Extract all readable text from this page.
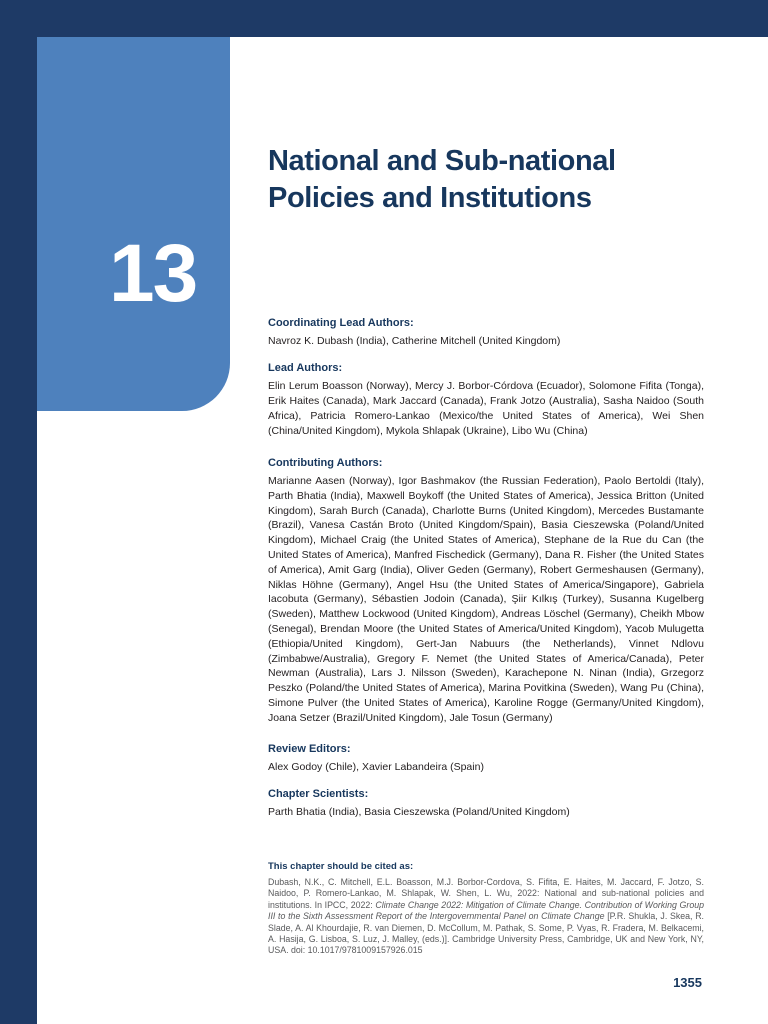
13
National and Sub-national
Policies and Institutions
Coordinating Lead Authors:

Navroz K. Dubash (India), Catherine Mitchell (United Kingdom)

Lead Authors:

Elin Lerum Boasson (Norway), Mercy J. Borbor-Córdova (Ecuador), Solomone Fifita (Tonga), Erik Haites (Canada), Mark Jaccard (Canada), Frank Jotzo (Australia), Sasha Naidoo (South Africa), Patricia Romero-Lankao (Mexico/the United States of America), Wei Shen (China/United Kingdom), Mykola Shlapak (Ukraine), Libo Wu (China)

Contributing Authors:

Marianne Aasen (Norway), Igor Bashmakov (the Russian Federation), Paolo Bertoldi (Italy), Parth Bhatia (India), Maxwell Boykoff (the United States of America), Jessica Britton (United Kingdom), Sarah Burch (Canada), Charlotte Burns (United Kingdom), Mercedes Bustamante (Brazil), Vanesa Castán Broto (United Kingdom/Spain), Basia Cieszewska (Poland/United Kingdom), Michael Craig (the United States of America), Stephane de la Rue du Can (the United States of America), Manfred Fischedick (Germany), Dana R. Fisher (the United States of America), Amit Garg (India), Oliver Geden (Germany), Robert Germeshausen (Germany), Niklas Höhne (Germany), Angel Hsu (the United States of America/Singapore), Gabriela Iacobuta (Germany), Sébastien Jodoin (Canada), Şiir Kılkış (Turkey), Susanna Kugelberg (Sweden), Matthew Lockwood (United Kingdom), Andreas Löschel (Germany), Cheikh Mbow (Senegal), Brendan Moore (the United States of America/United Kingdom), Yacob Mulugetta (Ethiopia/United Kingdom), Gert-Jan Nabuurs (the Netherlands), Vinnet Ndlovu (Zimbabwe/Australia), Gregory F. Nemet (the United States of America/Canada), Peter Newman (Australia), Lars J. Nilsson (Sweden), Karachepone N. Ninan (India), Grzegorz Peszko (Poland/the United States of America), Marina Povitkina (Sweden), Wang Pu (China), Simone Pulver (the United States of America), Karoline Rogge (Germany/United Kingdom), Joana Setzer (Brazil/United Kingdom), Jale Tosun (Germany)

Review Editors:

Alex Godoy (Chile), Xavier Labandeira (Spain)

Chapter Scientists:

Parth Bhatia (India), Basia Cieszewska (Poland/United Kingdom)

This chapter should be cited as:

Dubash, N.K., C. Mitchell, E.L. Boasson, M.J. Borbor-Cordova, S. Fifita, E. Haites, M. Jaccard, F. Jotzo, S. Naidoo, P. Romero-Lankao, M. Shlapak, W. Shen, L. Wu, 2022: National and sub-national policies and institutions. In IPCC, 2022: Climate Change 2022: Mitigation of Climate Change. Contribution of Working Group III to the Sixth Assessment Report of the Intergovernmental Panel on Climate Change [P.R. Shukla, J. Skea, R. Slade, A. Al Khourdajie, R. van Diemen, D. McCollum, M. Pathak, S. Some, P. Vyas, R. Fradera, M. Belkacemi, A. Hasija, G. Lisboa, S. Luz, J. Malley, (eds.)]. Cambridge University Press, Cambridge, UK and New York, NY, USA. doi: 10.1017/9781009157926.015

1355
